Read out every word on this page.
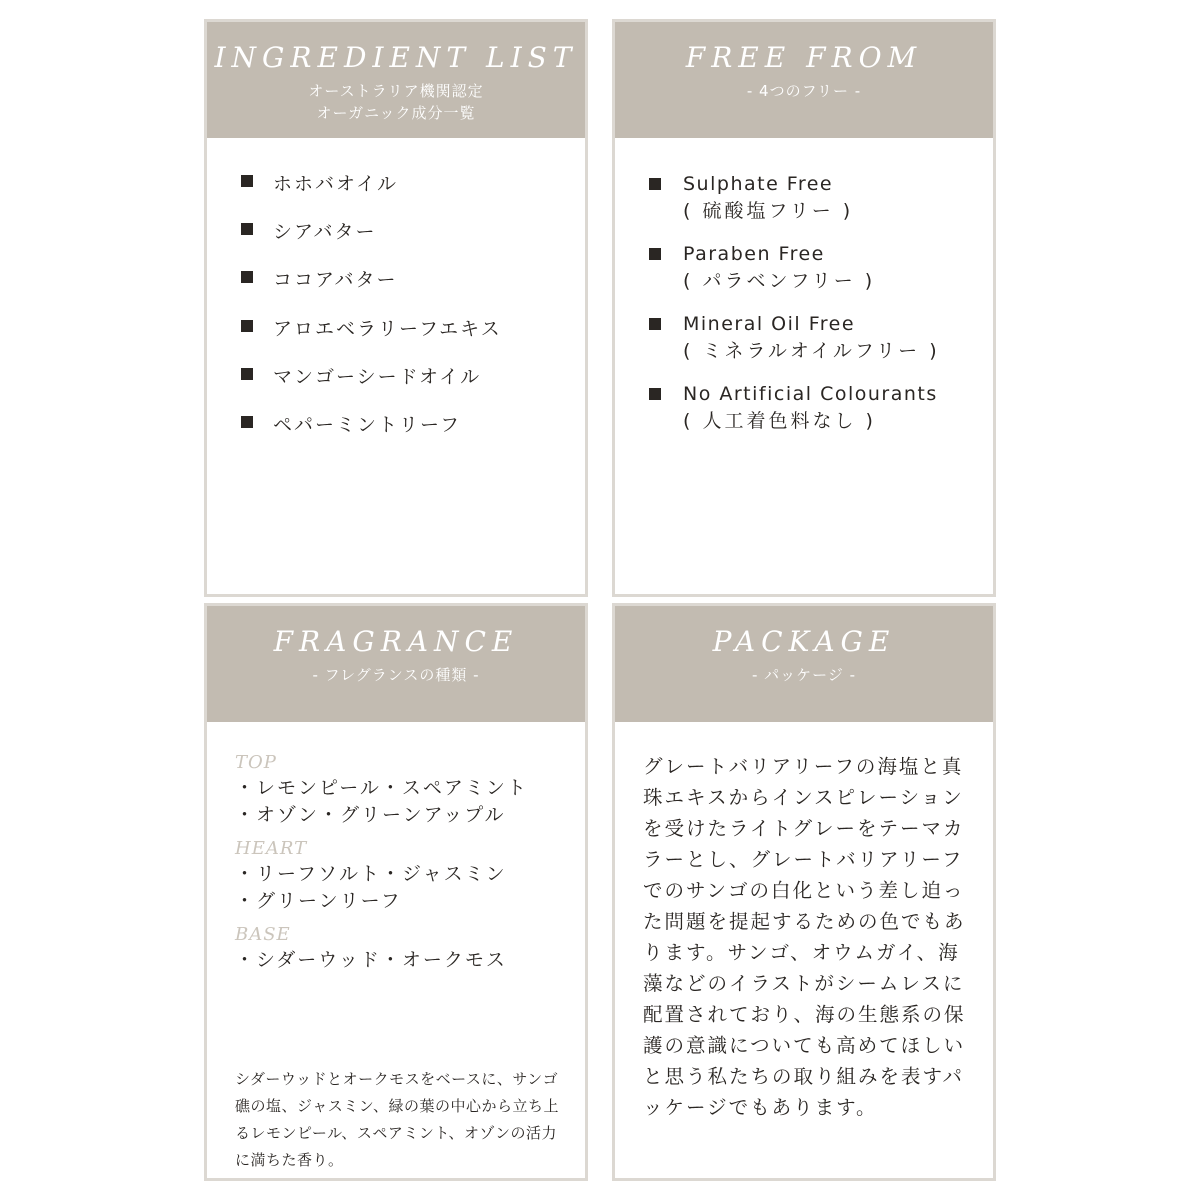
INGREDIENT LIST
オーストラリア機関認定
オーガニック成分一覧
ホホバオイル
シアバター
ココアバター
アロエベラリーフエキス
マンゴーシードオイル
ペパーミントリーフ
FREE FROM
- 4つのフリー -
Sulphate Free
( 硫酸塩フリー )
Paraben Free
( パラベンフリー )
Mineral Oil Free
( ミネラルオイルフリー )
No Artificial Colourants
( 人工着色料なし )
FRAGRANCE
- フレグランスの種類 -
TOP
・レモンピール・スペアミント
・オゾン・グリーンアップル
HEART
・リーフソルト・ジャスミン
・グリーンリーフ
BASE
・シダーウッド・オークモス
シダーウッドとオークモスをベースに、サンゴ礁の塩、ジャスミン、緑の葉の中心から立ち上るレモンピール、スペアミント、オゾンの活力に満ちた香り。
PACKAGE
- パッケージ -
グレートバリアリーフの海塩と真珠エキスからインスピレーションを受けたライトグレーをテーマカラーとし、グレートバリアリーフでのサンゴの白化という差し迫った問題を提起するための色でもあります。サンゴ、オウムガイ、海藻などのイラストがシームレスに配置されており、海の生態系の保護の意識についても高めてほしいと思う私たちの取り組みを表すパッケージでもあります。
